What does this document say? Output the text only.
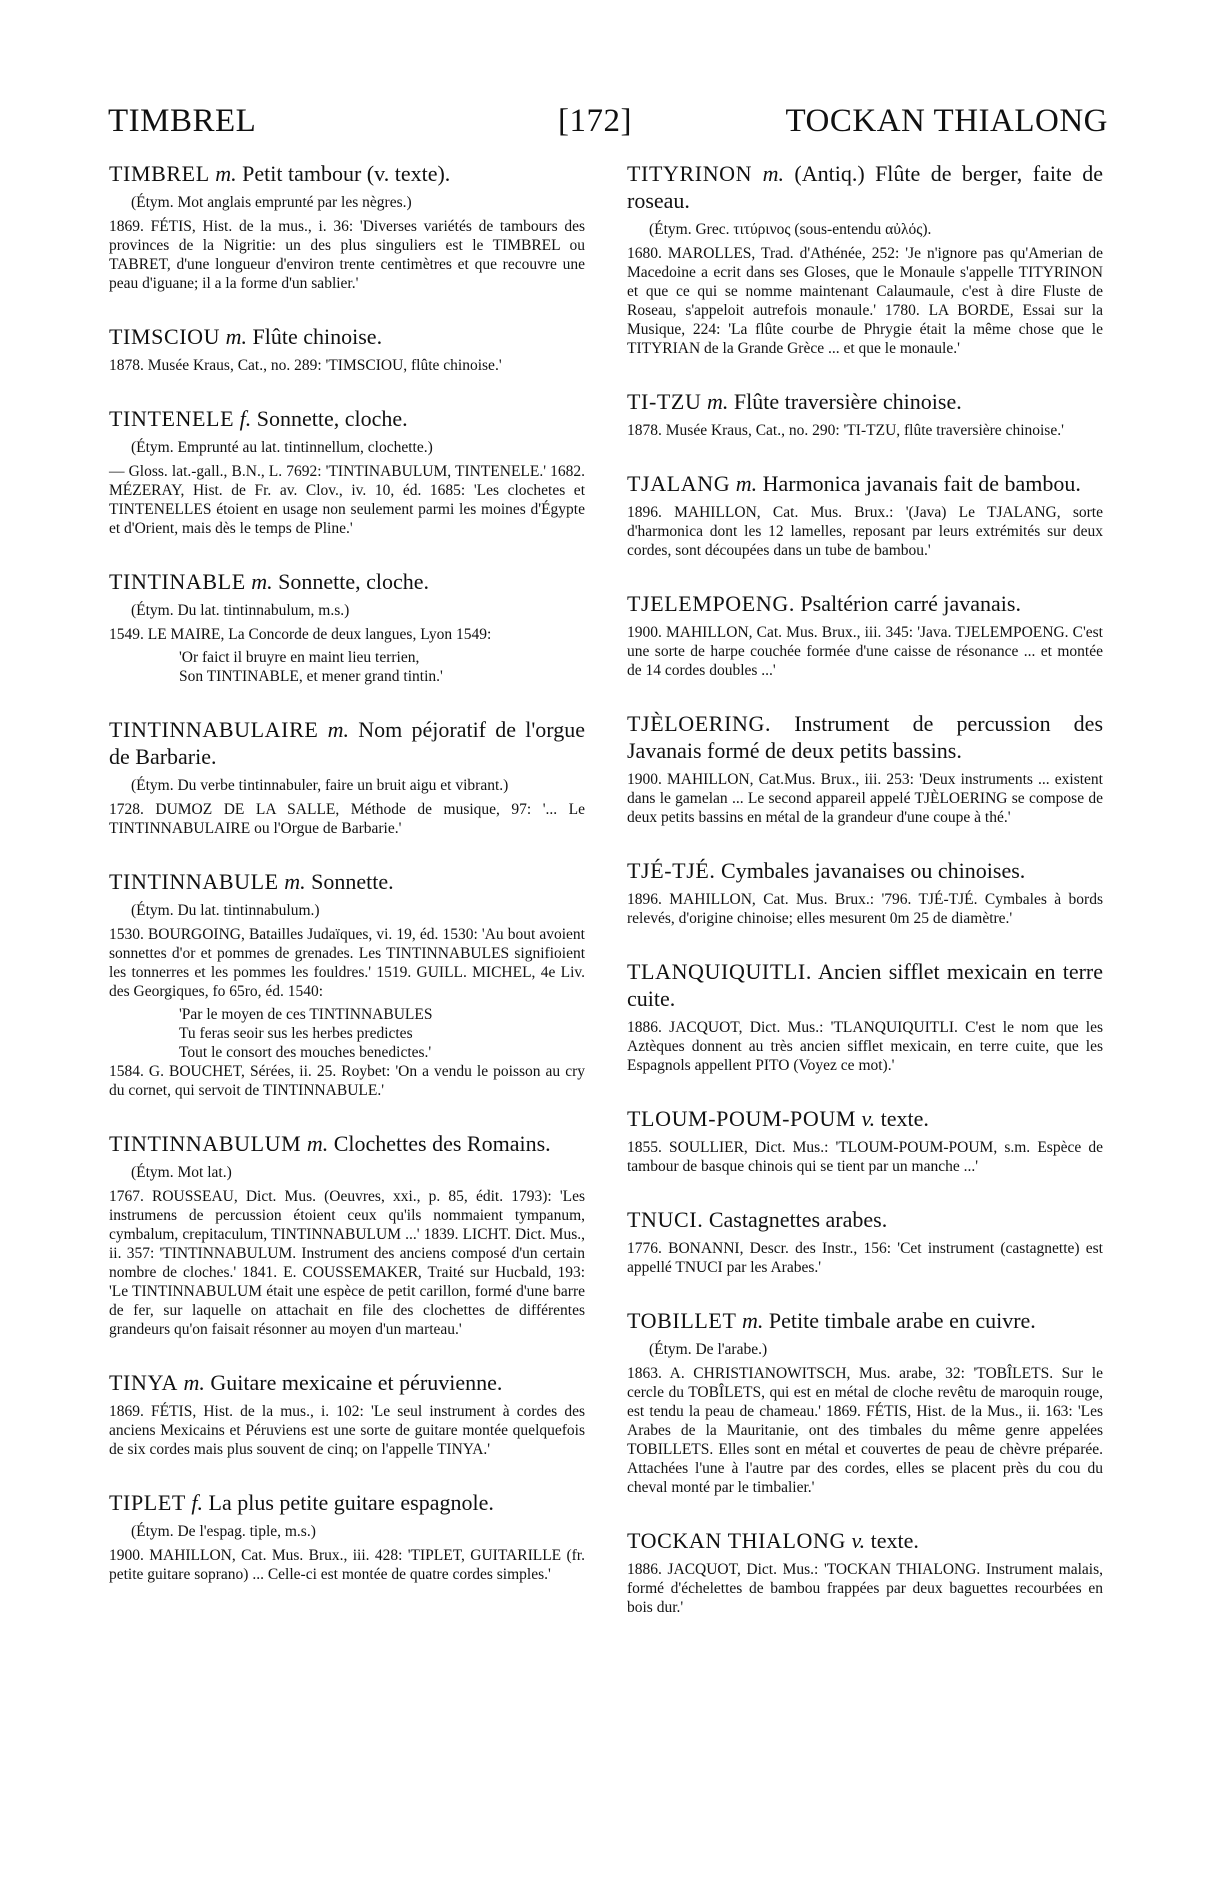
TIMBREL	[172]	TOCKAN THIALONG
TIMBREL m. Petit tambour (v. texte).
(Étym. Mot anglais emprunté par les nègres.)
1869. FÉTIS, Hist. de la mus., i. 36: 'Diverses variétés de tambours des provinces de la Nigritie: un des plus singuliers est le TIMBREL ou TABRET, d'une longueur d'environ trente centimètres et que recouvre une peau d'iguane; il a la forme d'un sablier.'
TIMSCIOU m. Flûte chinoise.
1878. Musée Kraus, Cat., no. 289: 'TIMSCIOU, flûte chinoise.'
TINTENELE f. Sonnette, cloche.
(Étym. Emprunté au lat. tintinnellum, clochette.)
— Gloss. lat.-gall., B.N., L. 7692: 'TINTINABULUM, TINTENELE.' 1682. MÉZERAY, Hist. de Fr. av. Clov., iv. 10, éd. 1685: 'Les clochetes et TINTENELLES étoient en usage non seulement parmi les moines d'Égypte et d'Orient, mais dès le temps de Pline.'
TINTINABLE m. Sonnette, cloche.
(Étym. Du lat. tintinnabulum, m.s.)
1549. LE MAIRE, La Concorde de deux langues, Lyon 1549:
'Or faict il bruyre en maint lieu terrien,
Son TINTINABLE, et mener grand tintin.'
TINTINNABULAIRE m. Nom péjoratif de l'orgue de Barbarie.
(Étym. Du verbe tintinnabuler, faire un bruit aigu et vibrant.)
1728. DUMOZ DE LA SALLE, Méthode de musique, 97: '... Le TINTINNABULAIRE ou l'Orgue de Barbarie.'
TINTINNABULE m. Sonnette.
(Étym. Du lat. tintinnabulum.)
1530. BOURGOING, Batailles Judaïques, vi. 19, éd. 1530: 'Au bout avoient sonnettes d'or et pommes de grenades. Les TINTINNABULES signifioient les tonnerres et les pommes les fouldres.' 1519. GUILL. MICHEL, 4e Liv. des Georgiques, fo 65ro, éd. 1540:
'Par le moyen de ces TINTINNABULES
Tu feras seoir sus les herbes predictes
Tout le consort des mouches benedictes.'
1584. G. BOUCHET, Sérées, ii. 25. Roybet: 'On a vendu le poisson au cry du cornet, qui servoit de TINTINNABULE.'
TINTINNABULUM m. Clochettes des Romains.
(Étym. Mot lat.)
1767. ROUSSEAU, Dict. Mus. (Oeuvres, xxi., p. 85, édit. 1793): 'Les instrumens de percussion étoient ceux qu'ils nommaient tympanum, cymbalum, crepitaculum, TINTINNABULUM ...' 1839. LICHT. Dict. Mus., ii. 357: 'TINTINNABULUM. Instrument des anciens composé d'un certain nombre de cloches.' 1841. E. COUSSEMAKER, Traité sur Hucbald, 193: 'Le TINTINNABULUM était une espèce de petit carillon, formé d'une barre de fer, sur laquelle on attachait en file des clochettes de différentes grandeurs qu'on faisait résonner au moyen d'un marteau.'
TINYA m. Guitare mexicaine et péruvienne.
1869. FÉTIS, Hist. de la mus., i. 102: 'Le seul instrument à cordes des anciens Mexicains et Péruviens est une sorte de guitare montée quelquefois de six cordes mais plus souvent de cinq; on l'appelle TINYA.'
TIPLET f. La plus petite guitare espagnole.
(Étym. De l'espag. tiple, m.s.)
1900. MAHILLON, Cat. Mus. Brux., iii. 428: 'TIPLET, GUITARILLE (fr. petite guitare soprano) ... Celle-ci est montée de quatre cordes simples.'
TITYRINON m. (Antiq.) Flûte de berger, faite de roseau.
(Étym. Grec. τιτύρινος (sous-entendu αὐλός).
1680. MAROLLES, Trad. d'Athénée, 252: 'Je n'ignore pas qu'Amerian de Macedoine a ecrit dans ses Gloses, que le Monaule s'appelle TITYRINON et que ce qui se nomme maintenant Calaumaule, c'est à dire Fluste de Roseau, s'appeloit autrefois monaule.' 1780. LA BORDE, Essai sur la Musique, 224: 'La flûte courbe de Phrygie était la même chose que le TITYRIAN de la Grande Grèce ... et que le monaule.'
TI-TZU m. Flûte traversière chinoise.
1878. Musée Kraus, Cat., no. 290: 'TI-TZU, flûte traversière chinoise.'
TJALANG m. Harmonica javanais fait de bambou.
1896. MAHILLON, Cat. Mus. Brux.: '(Java) Le TJALANG, sorte d'harmonica dont les 12 lamelles, reposant par leurs extrémités sur deux cordes, sont découpées dans un tube de bambou.'
TJELEMPOENG. Psaltérion carré javanais.
1900. MAHILLON, Cat. Mus. Brux., iii. 345: 'Java. TJELEMPOENG. C'est une sorte de harpe couchée formée d'une caisse de résonance ... et montée de 14 cordes doubles ...'
TJÈLOERING. Instrument de percussion des Javanais formé de deux petits bassins.
1900. MAHILLON, Cat.Mus. Brux., iii. 253: 'Deux instruments ... existent dans le gamelan ... Le second appareil appelé TJÈLOERING se compose de deux petits bassins en métal de la grandeur d'une coupe à thé.'
TJÉ-TJÉ. Cymbales javanaises ou chinoises.
1896. MAHILLON, Cat. Mus. Brux.: '796. TJÉ-TJÉ. Cymbales à bords relevés, d'origine chinoise; elles mesurent 0m 25 de diamètre.'
TLANQUIQUITLI. Ancien sifflet mexicain en terre cuite.
1886. JACQUOT, Dict. Mus.: 'TLANQUIQUITLI. C'est le nom que les Aztèques donnent au très ancien sifflet mexicain, en terre cuite, que les Espagnols appellent PITO (Voyez ce mot).'
TLOUM-POUM-POUM v. texte.
1855. SOULLIER, Dict. Mus.: 'TLOUM-POUM-POUM, s.m. Espèce de tambour de basque chinois qui se tient par un manche ...'
TNUCI. Castagnettes arabes.
1776. BONANNI, Descr. des Instr., 156: 'Cet instrument (castagnette) est appellé TNUCI par les Arabes.'
TOBILLET m. Petite timbale arabe en cuivre.
(Étym. De l'arabe.)
1863. A. CHRISTIANOWITSCH, Mus. arabe, 32: 'TOBÎLETS. Sur le cercle du TOBÎLETS, qui est en métal de cloche revêtu de maroquin rouge, est tendu la peau de chameau.' 1869. FÉTIS, Hist. de la Mus., ii. 163: 'Les Arabes de la Mauritanie, ont des timbales du même genre appelées TOBILLETS. Elles sont en métal et couvertes de peau de chèvre préparée. Attachées l'une à l'autre par des cordes, elles se placent près du cou du cheval monté par le timbalier.'
TOCKAN THIALONG v. texte.
1886. JACQUOT, Dict. Mus.: 'TOCKAN THIALONG. Instrument malais, formé d'échelettes de bambou frappées par deux baguettes recourbées en bois dur.'
